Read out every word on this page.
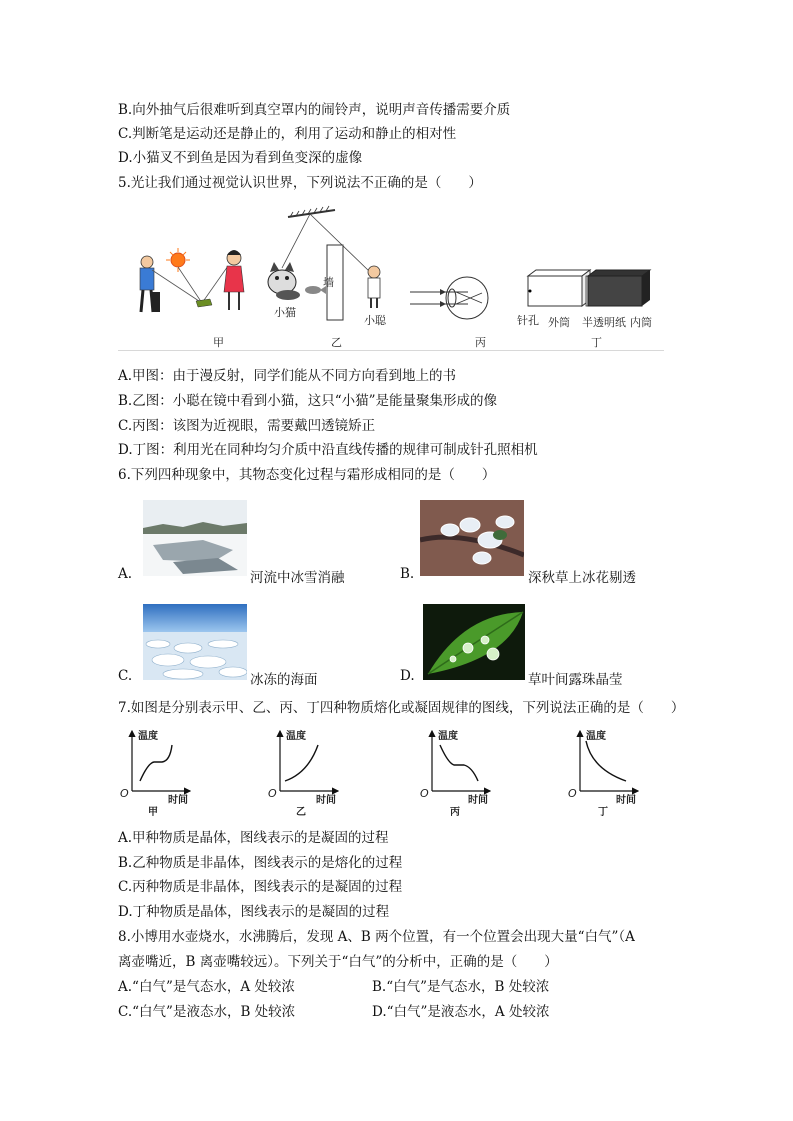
B.向外抽气后很难听到真空罩内的闹铃声，说明声音传播需要介质
C.判断笔是运动还是静止的，利用了运动和静止的相对性
D.小猫叉不到鱼是因为看到鱼变深的虚像
5.光让我们通过视觉认识世界，下列说法不正确的是（　　）
墙
小猫
小聪	针孔 外筒 半透明纸 内筒
甲	乙	丙	丁
A.甲图：由于漫反射，同学们能从不同方向看到地上的书
B.乙图：小聪在镜中看到小猫，这只“小猫”是能量聚集形成的像
C.丙图：该图为近视眼，需要戴凹透镜矫正
D.丁图：利用光在同种均匀介质中沿直线传播的规律可制成针孔照相机
6.下列四种现象中，其物态变化过程与霜形成相同的是（　　）
A.	河流中冰雪消融	B.	深秋草上冰花剔透
C.	冰冻的海面	D.	草叶间露珠晶莹
7.如图是分别表示甲、乙、丙、丁四种物质熔化或凝固规律的图线，下列说法正确的是（　　）
温度
时间
O
甲
温度
时间
O
乙
温度
时间
O
丙
温度
时间
O
丁
A.甲种物质是晶体，图线表示的是凝固的过程
B.乙种物质是非晶体，图线表示的是熔化的过程
C.丙种物质是非晶体，图线表示的是凝固的过程
D.丁种物质是晶体，图线表示的是凝固的过程
8.小博用水壶烧水，水沸腾后，发现 A、B 两个位置，有一个位置会出现大量“白气”（A
离壶嘴近，B 离壶嘴较远）。下列关于“白气”的分析中，正确的是（　　）
A.“白气”是气态水，A 处较浓	B.“白气”是气态水，B 处较浓
C.“白气”是液态水，B 处较浓	D.“白气”是液态水，A 处较浓
